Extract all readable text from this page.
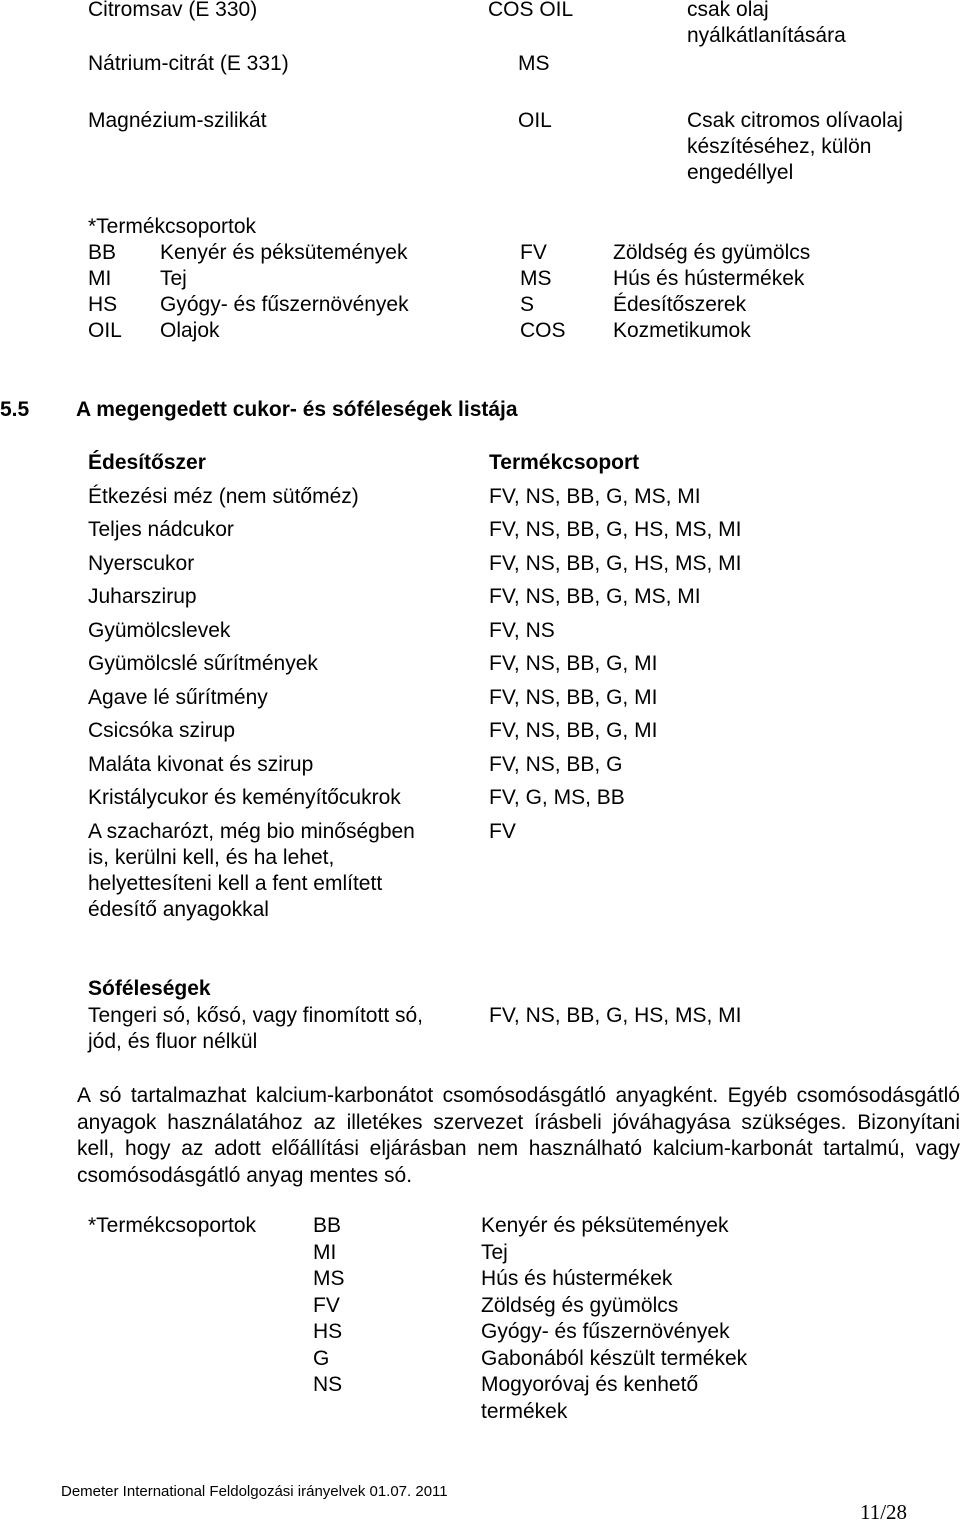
Citromsav (E 330)	COS OIL	csak olaj
nyálkátlanítására
Nátrium-citrát (E 331)	MS
Magnézium-szilikát	OIL	Csak citromos olívaolaj
készítéséhez, külön
engedéllyel
*Termékcsoportok
BB Kenyér és péksütemények	FV	Zöldség és gyümölcs
MI Tej	MS	Hús és hústermékek
HS Gyógy- és fűszernövények	S	Édesítőszerek
OIL Olajok	COS Kozmetikumok
5.5 A megengedett cukor- és sóféleségek listája
Édesítőszer	Termékcsoport
Étkezési méz (nem sütőméz)	FV, NS, BB, G, MS, MI
Teljes nádcukor	FV, NS, BB, G, HS, MS, MI
Nyerscukor	FV, NS, BB, G, HS, MS, MI
Juharszirup	FV, NS, BB, G, MS, MI
Gyümölcslevek	FV, NS
Gyümölcslé sűrítmények	FV, NS, BB, G, MI
Agave lé sűrítmény	FV, NS, BB, G, MI
Csicsóka szirup	FV, NS, BB, G, MI
Maláta kivonat és szirup	FV, NS, BB, G
Kristálycukor és keményítőcukrok	FV, G, MS, BB
A szacharózt, még bio minőségben
is, kerülni kell, és ha lehet,
helyettesíteni kell a fent említett
édesítő anyagokkal
FV
Sóféleségek
Tengeri só, kősó, vagy finomított só,
jód, és fluor nélkül
FV, NS, BB, G, HS, MS, MI
A só tartalmazhat kalcium-karbonátot csomósodásgátló anyagként. Egyéb csomósodásgátló anyagok használatához az illetékes szervezet írásbeli jóváhagyása szükséges. Bizonyítani kell, hogy az adott előállítási eljárásban nem használható kalcium-karbonát tartalmú, vagy csomósodásgátló anyag mentes só.
*Termékcsoportok	BB	Kenyér és péksütemények
MI	Tej
MS	Hús és hústermékek
FV	Zöldség és gyümölcs
HS	Gyógy- és fűszernövények
G	Gabonából készült termékek
NS	Mogyoróvaj és kenhető
termékek
Demeter International Feldolgozási irányelvek 01.07. 2011
11/28
